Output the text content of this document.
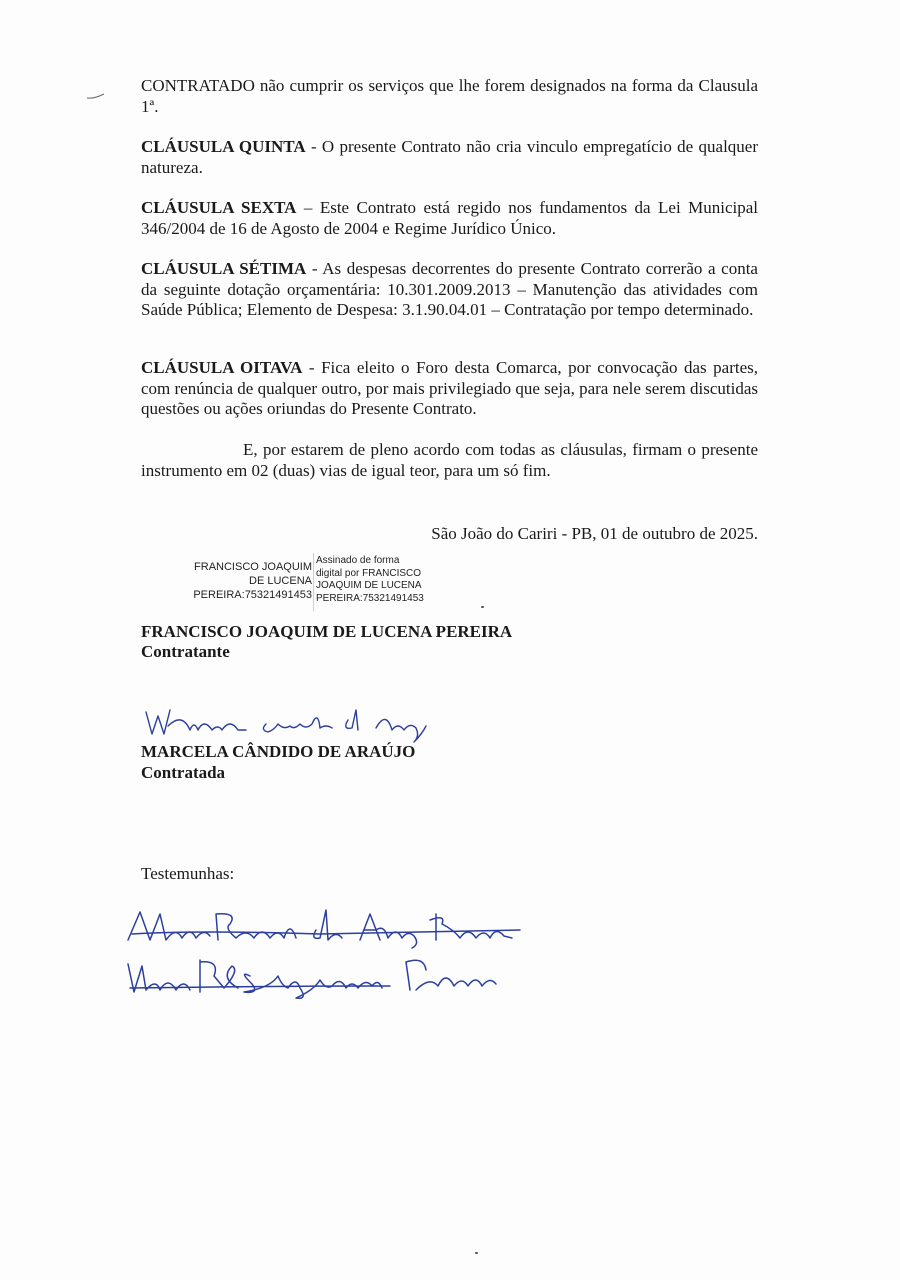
CONTRATADO não cumprir os serviços que lhe forem designados na forma da Clausula 1ª.
CLÁUSULA QUINTA - O presente Contrato não cria vinculo empregatício de qualquer natureza.
CLÁUSULA SEXTA – Este Contrato está regido nos fundamentos da Lei Municipal 346/2004 de 16 de Agosto de 2004 e Regime Jurídico Único.
CLÁUSULA SÉTIMA - As despesas decorrentes do presente Contrato correrão a conta da seguinte dotação orçamentária: 10.301.2009.2013 – Manutenção das atividades com Saúde Pública; Elemento de Despesa: 3.1.90.04.01 – Contratação por tempo determinado.
CLÁUSULA OITAVA - Fica eleito o Foro desta Comarca, por convocação das partes, com renúncia de qualquer outro, por mais privilegiado que seja, para nele serem discutidas questões ou ações oriundas do Presente Contrato.
E, por estarem de pleno acordo com todas as cláusulas, firmam o presente instrumento em 02 (duas) vias de igual teor, para um só fim.
São João do Cariri - PB, 01 de outubro de 2025.
FRANCISCO JOAQUIM
DE LUCENA
PEREIRA:75321491453
Assinado de forma
digital por FRANCISCO
JOAQUIM DE LUCENA
PEREIRA:75321491453
FRANCISCO JOAQUIM DE LUCENA PEREIRA
Contratante
MARCELA CÂNDIDO DE ARAÚJO
Contratada
Testemunhas:
